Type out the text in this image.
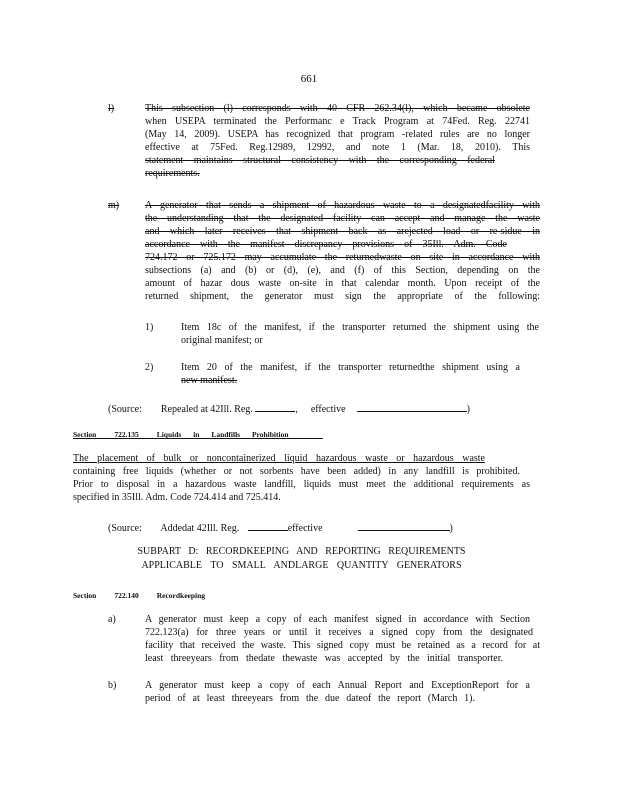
661
l)	This subsection (l) corresponds with 40 CFR 262.34(l), which became obsolete
when USEPA terminated the Performanc e Track Program at 74Fed. Reg. 22741
(May 14, 2009). USEPA has recognized that program -related rules are no longer
effective at 75Fed. Reg.12989, 12992, and note 1 (Mar. 18, 2010). This
statement maintains structural consistency with the corresponding federal
requirements.
m)	A generator that sends a shipment of hazardous waste to a designatedfacility with
the understanding that the designated facility can accept and manage the waste
and which later receives that shipment back as arejected load or re-sidue in
accordance with the manifest discrepancy provisions of 35Ill. Adm. Code
724.172 or 725.172 may accumulate the returnedwaste on site in accordance with
subsections (a) and (b) or (d), (e), and (f) of this Section, depending on the
amount of hazar dous waste on-site in that calendar month. Upon receipt of the
returned shipment, the generator must sign the appropriate of the following:
1)	Item 18c of the manifest, if the transporter returned the shipment using the
original manifest; or
2)	Item 20 of the manifest, if the transporter returnedthe shipment using a
new manifest.
(Source: Repealed at 42Ill. Reg.	,  effective	)
Section 722.135 Liquids in Landfills Prohibition
The placement of bulk or noncontainerized liquid hazardous waste or hazardous waste
containing free liquids (whether or not sorbents have been added) in any landfill is prohibited.
Prior to disposal in a hazardous waste landfill, liquids must meet the additional requirements as
specified in 35Ill. Adm. Code 724.414 and 725.414.
(Source: Addedat 42Ill. Reg.	effective	)
SUBPART D: RECORDKEEPING AND REPORTING REQUIREMENTS
APPLICABLE TO SMALL ANDLARGE QUANTITY GENERATORS
Section 722.140 Recordkeeping
a)	A generator must keep a copy of each manifest signed in accordance with Section
722.123(a) for three years or until it receives a signed copy from the designated
facility that received the waste. This signed copy must be retained as a record for at
least threeyears from thedate thewaste was accepted by the initial transporter.
b)	A generator must keep a copy of each Annual Report and ExceptionReport for a
period of at least threeyears from the due dateof the report (March 1).
